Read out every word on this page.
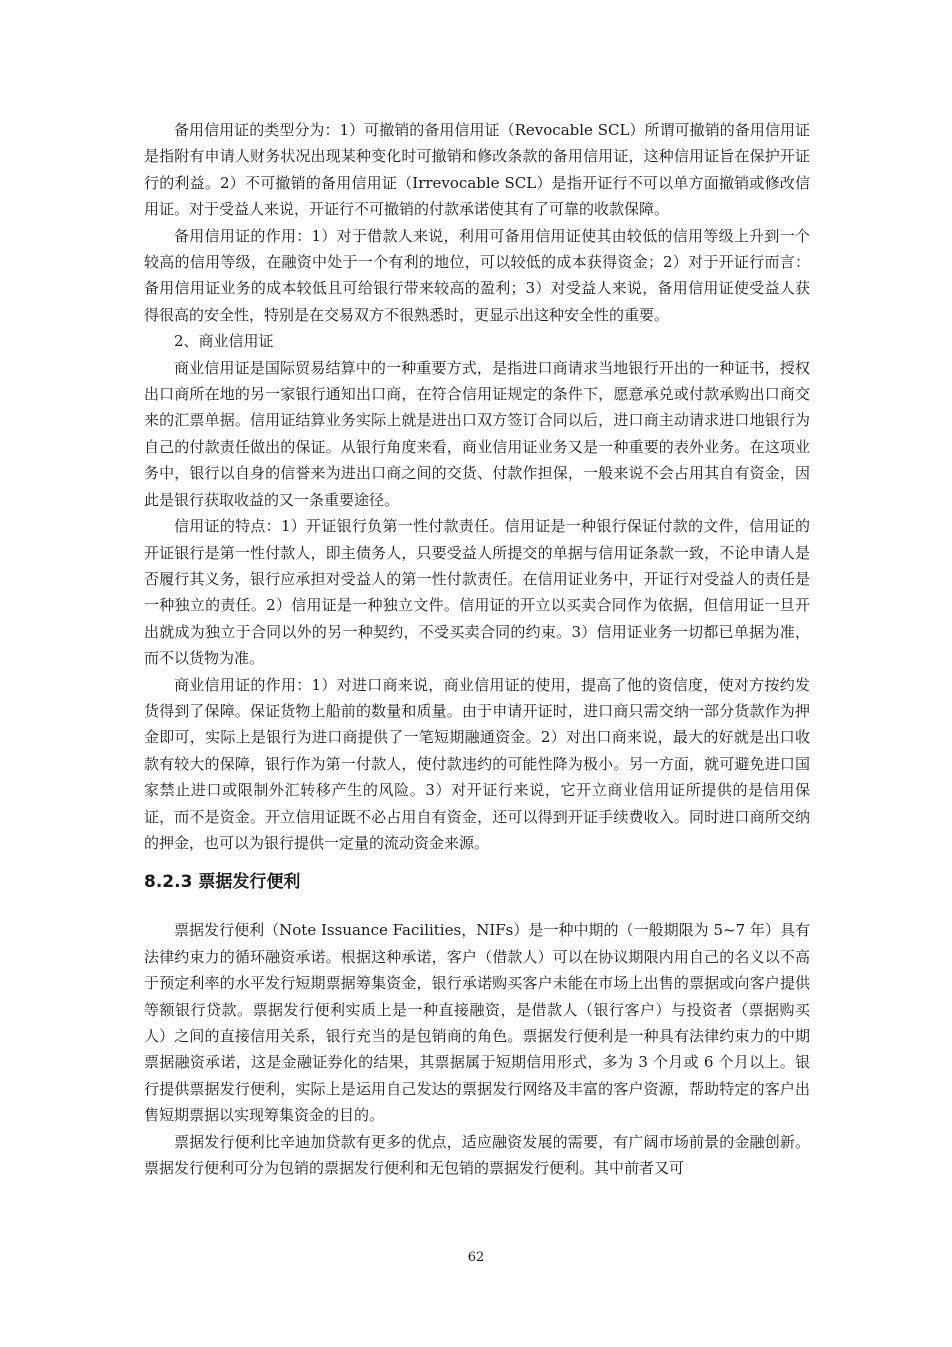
备用信用证的类型分为：1）可撤销的备用信用证（Revocable SCL）所谓可撤销的备用信用证是指附有申请人财务状况出现某种变化时可撤销和修改条款的备用信用证，这种信用证旨在保护开证行的利益。2）不可撤销的备用信用证（Irrevocable SCL）是指开证行不可以单方面撤销或修改信用证。对于受益人来说，开证行不可撤销的付款承诺使其有了可靠的收款保障。

备用信用证的作用：1）对于借款人来说，利用可备用信用证使其由较低的信用等级上升到一个较高的信用等级，在融资中处于一个有利的地位，可以较低的成本获得资金；2）对于开证行而言：备用信用证业务的成本较低且可给银行带来较高的盈利；3）对受益人来说，备用信用证使受益人获得很高的安全性，特别是在交易双方不很熟悉时，更显示出这种安全性的重要。

2、商业信用证

商业信用证是国际贸易结算中的一种重要方式，是指进口商请求当地银行开出的一种证书，授权出口商所在地的另一家银行通知出口商，在符合信用证规定的条件下，愿意承兑或付款承购出口商交来的汇票单据。信用证结算业务实际上就是进出口双方签订合同以后，进口商主动请求进口地银行为自己的付款责任做出的保证。从银行角度来看，商业信用证业务又是一种重要的表外业务。在这项业务中，银行以自身的信誉来为进出口商之间的交货、付款作担保，一般来说不会占用其自有资金，因此是银行获取收益的又一条重要途径。

信用证的特点：1）开证银行负第一性付款责任。信用证是一种银行保证付款的文件，信用证的开证银行是第一性付款人，即主债务人，只要受益人所提交的单据与信用证条款一致，不论申请人是否履行其义务，银行应承担对受益人的第一性付款责任。在信用证业务中，开证行对受益人的责任是一种独立的责任。2）信用证是一种独立文件。信用证的开立以买卖合同作为依据，但信用证一旦开出就成为独立于合同以外的另一种契约，不受买卖合同的约束。3）信用证业务一切都已单据为准，而不以货物为准。

商业信用证的作用：1）对进口商来说，商业信用证的使用，提高了他的资信度，使对方按约发货得到了保障。保证货物上船前的数量和质量。由于申请开证时，进口商只需交纳一部分货款作为押金即可，实际上是银行为进口商提供了一笔短期融通资金。2）对出口商来说，最大的好就是出口收款有较大的保障，银行作为第一付款人，使付款违约的可能性降为极小。另一方面，就可避免进口国家禁止进口或限制外汇转移产生的风险。3）对开证行来说，它开立商业信用证所提供的是信用保证，而不是资金。开立信用证既不必占用自有资金，还可以得到开证手续费收入。同时进口商所交纳的押金，也可以为银行提供一定量的流动资金来源。

8.2.3 票据发行便利

票据发行便利（Note Issuance Facilities，NIFs）是一种中期的（一般期限为 5~7 年）具有法律约束力的循环融资承诺。根据这种承诺，客户（借款人）可以在协议期限内用自己的名义以不高于预定利率的水平发行短期票据筹集资金，银行承诺购买客户未能在市场上出售的票据或向客户提供等额银行贷款。票据发行便利实质上是一种直接融资，是借款人（银行客户）与投资者（票据购买人）之间的直接信用关系，银行充当的是包销商的角色。票据发行便利是一种具有法律约束力的中期票据融资承诺，这是金融证券化的结果，其票据属于短期信用形式，多为 3 个月或 6 个月以上。银行提供票据发行便利，实际上是运用自己发达的票据发行网络及丰富的客户资源，帮助特定的客户出售短期票据以实现筹集资金的目的。

票据发行便利比辛迪加贷款有更多的优点，适应融资发展的需要，有广阔市场前景的金融创新。票据发行便利可分为包销的票据发行便利和无包销的票据发行便利。其中前者又可

62
